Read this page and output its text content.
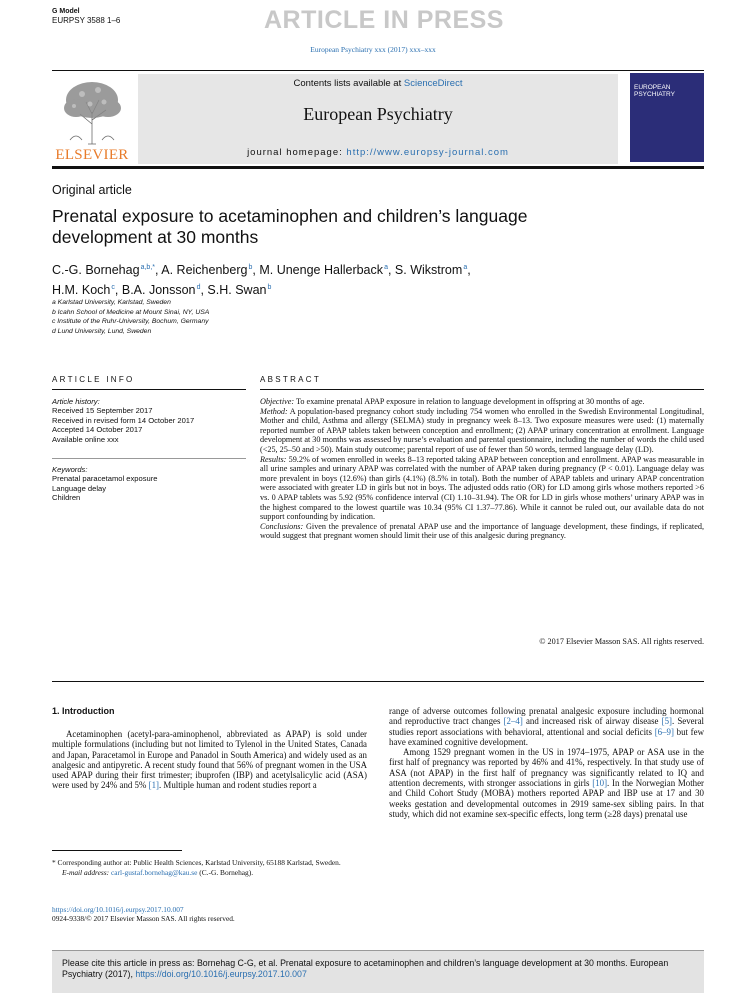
G Model
EURPSY 3588 1–6	ARTICLE IN PRESS
European Psychiatry xxx (2017) xxx–xxx
ELSEVIER
Contents lists available at ScienceDirect
European Psychiatry
journal homepage: http://www.europsy-journal.com
EUROPEAN PSYCHIATRY
Original article
Prenatal exposure to acetaminophen and children’s language development at 30 months
C.-G. Bornehag $^{a,b,*}$, A. Reichenberg $^b$, M. Unenge Hallerback $^a$, S. Wikstrom $^a$,
H.M. Koch $^c$, B.A. Jonsson $^d$, S.H. Swan $^b$
a Karlstad University, Karlstad, Sweden
b Icahn School of Medicine at Mount Sinai, NY, USA
c Institute of the Ruhr-University, Bochum, Germany
d Lund University, Lund, Sweden
ARTICLE INFO	ABSTRACT
Article history:
Received 15 September 2017
Received in revised form 14 October 2017
Accepted 14 October 2017
Available online xxx
Keywords:
Prenatal paracetamol exposure
Language delay
Children

Objective: To examine prenatal APAP exposure in relation to language development in offspring at 30 months of age.

Method: A population-based pregnancy cohort study including 754 women who enrolled in the Swedish Environmental Longitudinal, Mother and child, Asthma and allergy (SELMA) study in pregnancy week 8–13. Two exposure measures were used: (1) maternally reported number of APAP tablets taken between conception and enrollment; (2) APAP urinary concentration at enrollment. Language development at 30 months was assessed by nurse’s evaluation and parental questionnaire, including the number of words the child used (<25, 25–50 and >50). Main study outcome; parental report of use of fewer than 50 words, termed language delay (LD).

Results: 59.2% of women enrolled in weeks 8–13 reported taking APAP between conception and enrollment. APAP was measurable in all urine samples and urinary APAP was correlated with the number of APAP taken during pregnancy (P < 0.01). Language delay was more prevalent in boys (12.6%) than girls (4.1%) (8.5% in total). Both the number of APAP tablets and urinary APAP concentration were associated with greater LD in girls but not in boys. The adjusted odds ratio (OR) for LD among girls whose mothers reported >6 vs. 0 APAP tablets was 5.92 (95% confidence interval (CI) 1.10–31.94). The OR for LD in girls whose mothers’ urinary APAP was in the highest compared to the lowest quartile was 10.34 (95% CI 1.37–77.86). While it cannot be ruled out, our available data do not support confounding by indication.

Conclusions: Given the prevalence of prenatal APAP use and the importance of language development, these findings, if replicated, would suggest that pregnant women should limit their use of this analgesic during pregnancy.

© 2017 Elsevier Masson SAS. All rights reserved.
1. Introduction

Acetaminophen (acetyl-para-aminophenol, abbreviated as APAP) is sold under multiple formulations (including but not limited to Tylenol in the United States, Canada and Japan, Paracetamol in Europe and Panadol in South America) and widely used as an analgesic and antipyretic. A recent study found that 56% of pregnant women in the USA used APAP during their first trimester; ibuprofen (IBP) and acetylsalicylic acid (ASA) were used by 24% and 5% [1]. Multiple human and rodent studies report a

range of adverse outcomes following prenatal analgesic exposure including hormonal and reproductive tract changes [2–4] and increased risk of airway disease [5]. Several studies report associations with behavioral, attentional and social deficits [6–9] but few have examined cognitive development.

Among 1529 pregnant women in the US in 1974–1975, APAP or ASA use in the first half of pregnancy was reported by 46% and 41%, respectively. In that study use of ASA (not APAP) in the first half of pregnancy was significantly related to IQ and attention decrements, with stronger associations in girls [10]. In the Norwegian Mother and Child Cohort Study (MOBA) mothers reported APAP and IBP use at 17 and 30 weeks gestation and developmental outcomes in 2919 same-sex sibling pairs. In that study, which did not examine sex-specific effects, long term (≥28 days) prenatal use

* Corresponding author at: Public Health Sciences, Karlstad University, 65188 Karlstad, Sweden.
E-mail address: carl-gustaf.bornehag@kau.se (C.-G. Bornehag).
https://doi.org/10.1016/j.eurpsy.2017.10.007
0924-9338/© 2017 Elsevier Masson SAS. All rights reserved.
Please cite this article in press as: Bornehag C-G, et al. Prenatal exposure to acetaminophen and children’s language development at 30 months. European Psychiatry (2017), https://doi.org/10.1016/j.eurpsy.2017.10.007
